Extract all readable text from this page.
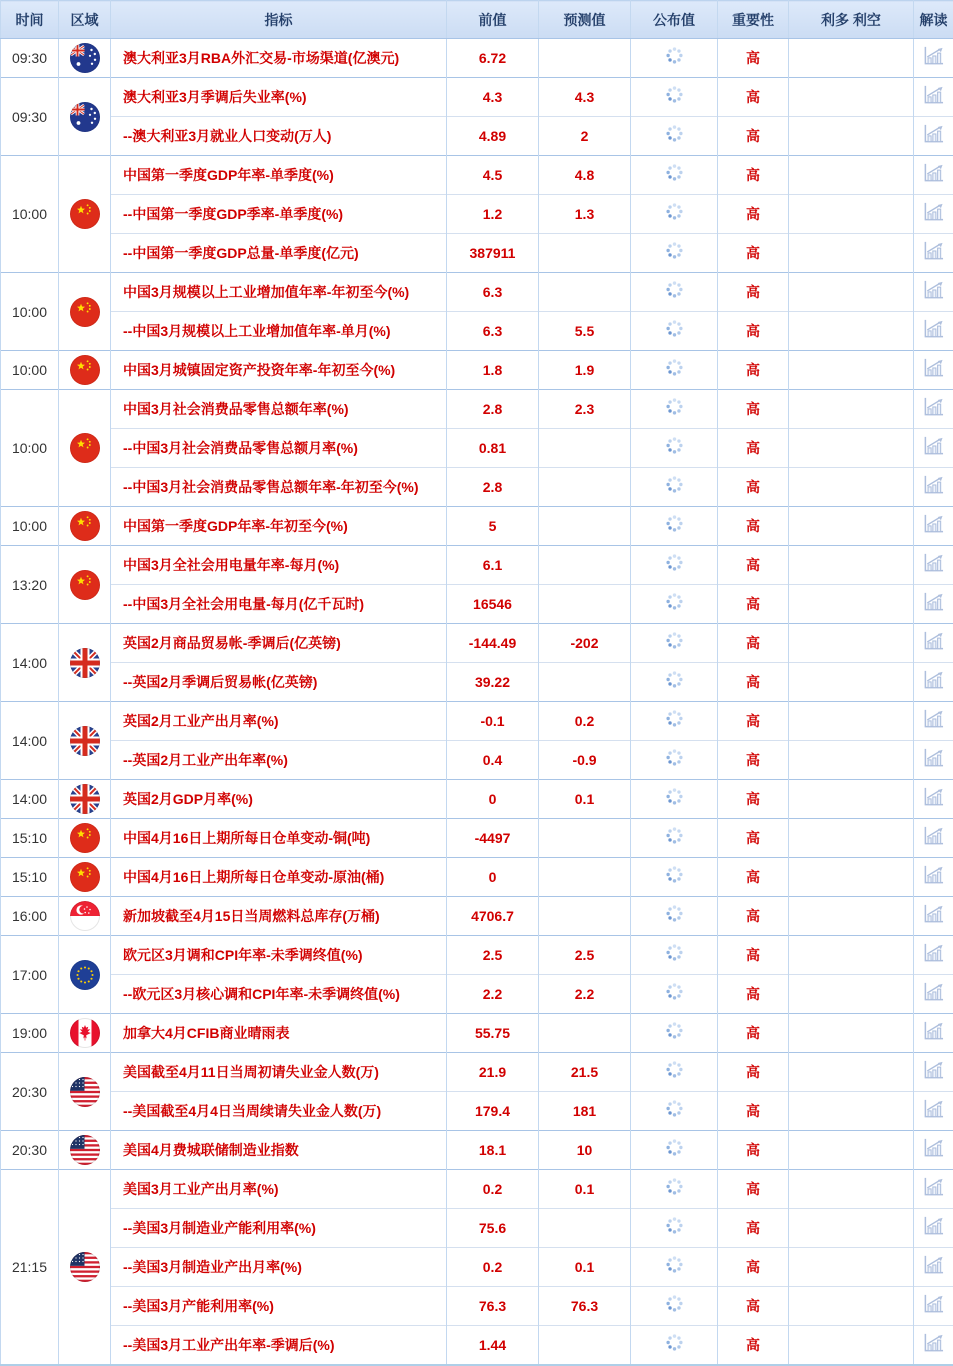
时间	区域	指标	前值	预测值	公布值	重要性	利多 利空	解读
09:30		澳大利亚3月RBA外汇交易-市场渠道(亿澳元)	6.72			高		
09:30		澳大利亚3月季调后失业率(%)	4.3	4.3		高		
		--澳大利亚3月就业人口变动(万人)	4.89	2		高		
10:00		中国第一季度GDP年率-单季度(%)	4.5	4.8		高		
		--中国第一季度GDP季率-单季度(%)	1.2	1.3		高		
		--中国第一季度GDP总量-单季度(亿元)	387911			高		
10:00		中国3月规模以上工业增加值年率-年初至今(%)	6.3			高		
		--中国3月规模以上工业增加值年率-单月(%)	6.3	5.5		高		
10:00		中国3月城镇固定资产投资年率-年初至今(%)	1.8	1.9		高		
10:00		中国3月社会消费品零售总额年率(%)	2.8	2.3		高		
		--中国3月社会消费品零售总额月率(%)	0.81			高		
		--中国3月社会消费品零售总额年率-年初至今(%)	2.8			高		
10:00		中国第一季度GDP年率-年初至今(%)	5			高		
13:20		中国3月全社会用电量年率-每月(%)	6.1			高		
		--中国3月全社会用电量-每月(亿千瓦时)	16546			高		
14:00		英国2月商品贸易帐-季调后(亿英镑)	-144.49	-202		高		
		--英国2月季调后贸易帐(亿英镑)	39.22			高		
14:00		英国2月工业产出月率(%)	-0.1	0.2		高		
		--英国2月工业产出年率(%)	0.4	-0.9		高		
14:00		英国2月GDP月率(%)	0	0.1		高		
15:10		中国4月16日上期所每日仓单变动-铜(吨)	-4497			高		
15:10		中国4月16日上期所每日仓单变动-原油(桶)	0			高		
16:00		新加坡截至4月15日当周燃料总库存(万桶)	4706.7			高		
17:00		欧元区3月调和CPI年率-未季调终值(%)	2.5	2.5		高		
		--欧元区3月核心调和CPI年率-未季调终值(%)	2.2	2.2		高		
19:00		加拿大4月CFIB商业晴雨表	55.75			高		
20:30		美国截至4月11日当周初请失业金人数(万)	21.9	21.5		高		
		--美国截至4月4日当周续请失业金人数(万)	179.4	181		高		
20:30		美国4月费城联储制造业指数	18.1	10		高		
21:15		美国3月工业产出月率(%)	0.2	0.1		高		
		--美国3月制造业产能利用率(%)	75.6			高		
		--美国3月制造业产出月率(%)	0.2	0.1		高		
		--美国3月产能利用率(%)	76.3	76.3		高		
		--美国3月工业产出年率-季调后(%)	1.44			高		
